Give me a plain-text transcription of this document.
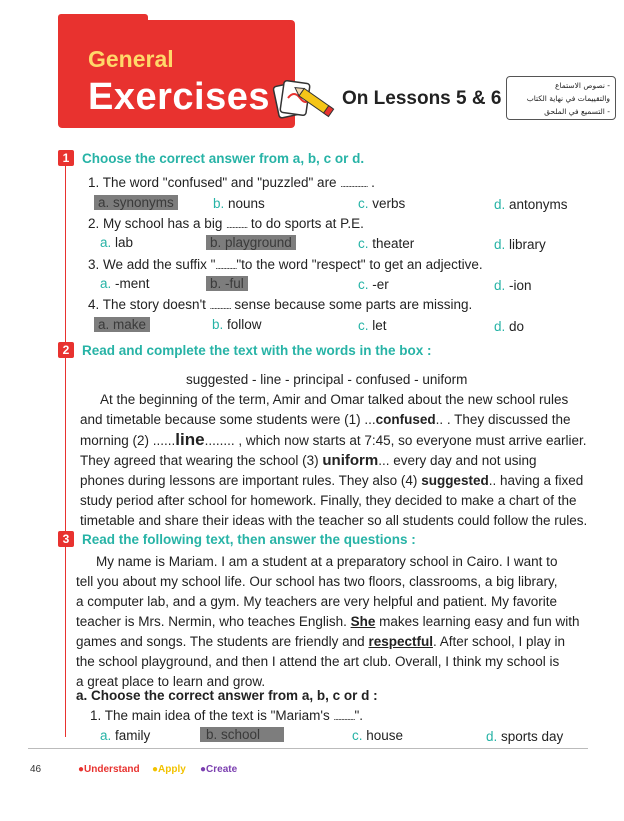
General
Exercises	On Lessons 5 & 6
- نصوص الاستماع
والتقييمات في نهاية الكتاب
- التسميع في الملحق
1 Choose the correct answer from a, b, c or d.
1. The word "confused" and "puzzled" are .................. .
a. synonyms	b. nouns	c. verbs	d. antonyms
2. My school has a big .............. to do sports at P.E.
a. lab	b. playground	c. theater	d. library
3. We add the suffix ".............."to the word "respect" to get an adjective.
a. -ment	b. -ful	c. -er	d. -ion
4. The story doesn't .............. sense because some parts are missing.
a. make	b. follow	c. let	d. do
2 Read and complete the text with the words in the box :
suggested - line - principal - confused - uniform
At the beginning of the term, Amir and Omar talked about the new school rules
and timetable because some students were (1) ...confused.. . They discussed the
morning (2) ......line........ , which now starts at 7:45, so everyone must arrive earlier.
They agreed that wearing the school (3) uniform... every day and not using
phones during lessons are important rules. They also (4) suggested.. having a fixed
study period after school for homework. Finally, they decided to make a chart of the
timetable and share their ideas with the teacher so all students could follow the rules.
3 Read the following text, then answer the questions :
My name is Mariam. I am a student at a preparatory school in Cairo. I want to
tell you about my school life. Our school has two floors, classrooms, a big library,
a computer lab, and a gym. My teachers are very helpful and patient. My favorite
teacher is Mrs. Nermin, who teaches English. She makes learning easy and fun with
games and songs. The students are friendly and respectful. After school, I play in
the school playground, and then I attend the art club. Overall, I think my school is
a great place to learn and grow.
a. Choose the correct answer from a, b, c or d :
1. The main idea of the text is "Mariam's ..............".
a. family	b. school	c. house	d. sports day
46	●Understand ●Apply ●Create
